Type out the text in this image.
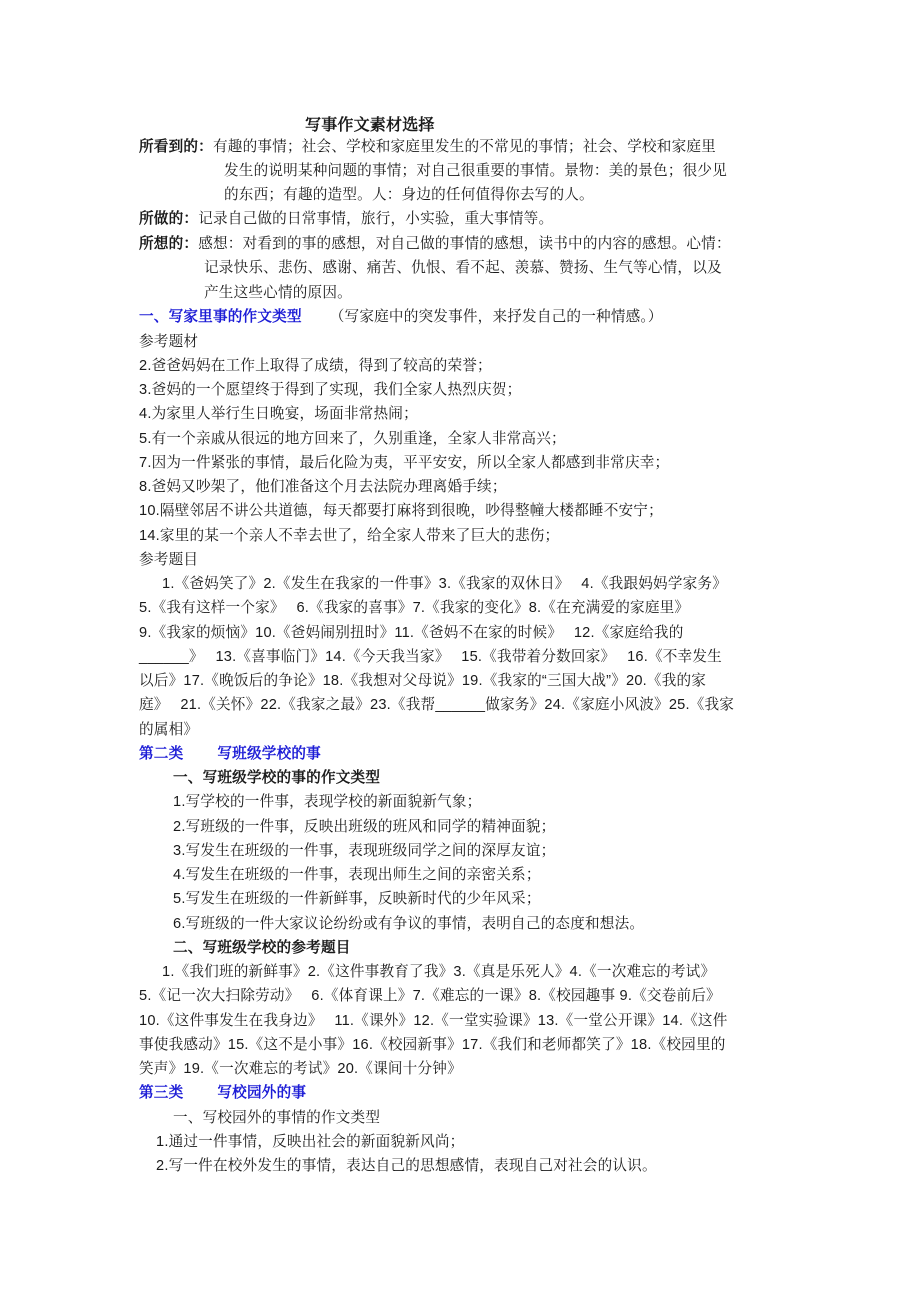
写事作文素材选择
所看到的：有趣的事情；社会、学校和家庭里发生的不常见的事情；社会、学校和家庭里
发生的说明某种问题的事情；对自己很重要的事情。景物：美的景色；很少见
的东西；有趣的造型。人：身边的任何值得你去写的人。
所做的：记录自己做的日常事情，旅行，小实验，重大事情等。
所想的：感想：对看到的事的感想，对自己做的事情的感想，读书中的内容的感想。心情：
记录快乐、悲伤、感谢、痛苦、仇恨、看不起、羡慕、赞扬、生气等心情，以及
产生这些心情的原因。
一、写家里事的作文类型 （写家庭中的突发事件，来抒发自己的一种情感。）
参考题材
2.爸爸妈妈在工作上取得了成绩，得到了较高的荣誉；
3.爸妈的一个愿望终于得到了实现，我们全家人热烈庆贺；
4.为家里人举行生日晚宴，场面非常热闹；
5.有一个亲戚从很远的地方回来了，久别重逢，全家人非常高兴；
7.因为一件紧张的事情，最后化险为夷，平平安安，所以全家人都感到非常庆幸；
8.爸妈又吵架了，他们准备这个月去法院办理离婚手续；
10.隔壁邻居不讲公共道德，每天都要打麻将到很晚，吵得整幢大楼都睡不安宁；
14.家里的某一个亲人不幸去世了，给全家人带来了巨大的悲伤；
参考题目
1.《爸妈笑了》2.《发生在我家的一件事》3.《我家的双休日》　 4.《我跟妈妈学家务》
5.《我有这样一个家》　 6.《我家的喜事》7.《我家的变化》8.《在充满爱的家庭里》
9.《我家的烦恼》10.《爸妈闹别扭时》11.《爸妈不在家的时候》　 12.《家庭给我的
______》　 13.《喜事临门》14.《今天我当家》　 15.《我带着分数回家》　 16.《不幸发生
以后》17.《晚饭后的争论》18.《我想对父母说》19.《我家的“三国大战”》20.《我的家
庭》　 21.《关怀》22.《我家之最》23.《我帮______做家务》24.《家庭小风波》25.《我家
的属相》
第二类 写班级学校的事
一、写班级学校的事的作文类型
1.写学校的一件事，表现学校的新面貌新气象；
2.写班级的一件事，反映出班级的班风和同学的精神面貌；
3.写发生在班级的一件事，表现班级同学之间的深厚友谊；
4.写发生在班级的一件事，表现出师生之间的亲密关系；
5.写发生在班级的一件新鲜事，反映新时代的少年风采；
6.写班级的一件大家议论纷纷或有争议的事情，表明自己的态度和想法。
二、写班级学校的参考题目
1.《我们班的新鲜事》2.《这件事教育了我》3.《真是乐死人》4.《一次难忘的考试》
5.《记一次大扫除劳动》　 6.《体育课上》7.《难忘的一课》8.《校园趣事 9.《交卷前后》
10.《这件事发生在我身边》　 11.《课外》12.《一堂实验课》13.《一堂公开课》14.《这件
事使我感动》15.《这不是小事》16.《校园新事》17.《我们和老师都笑了》18.《校园里的
笑声》19.《一次难忘的考试》20.《课间十分钟》
第三类 写校园外的事
一、写校园外的事情的作文类型
1.通过一件事情，反映出社会的新面貌新风尚；
2.写一件在校外发生的事情，表达自己的思想感情，表现自己对社会的认识。
